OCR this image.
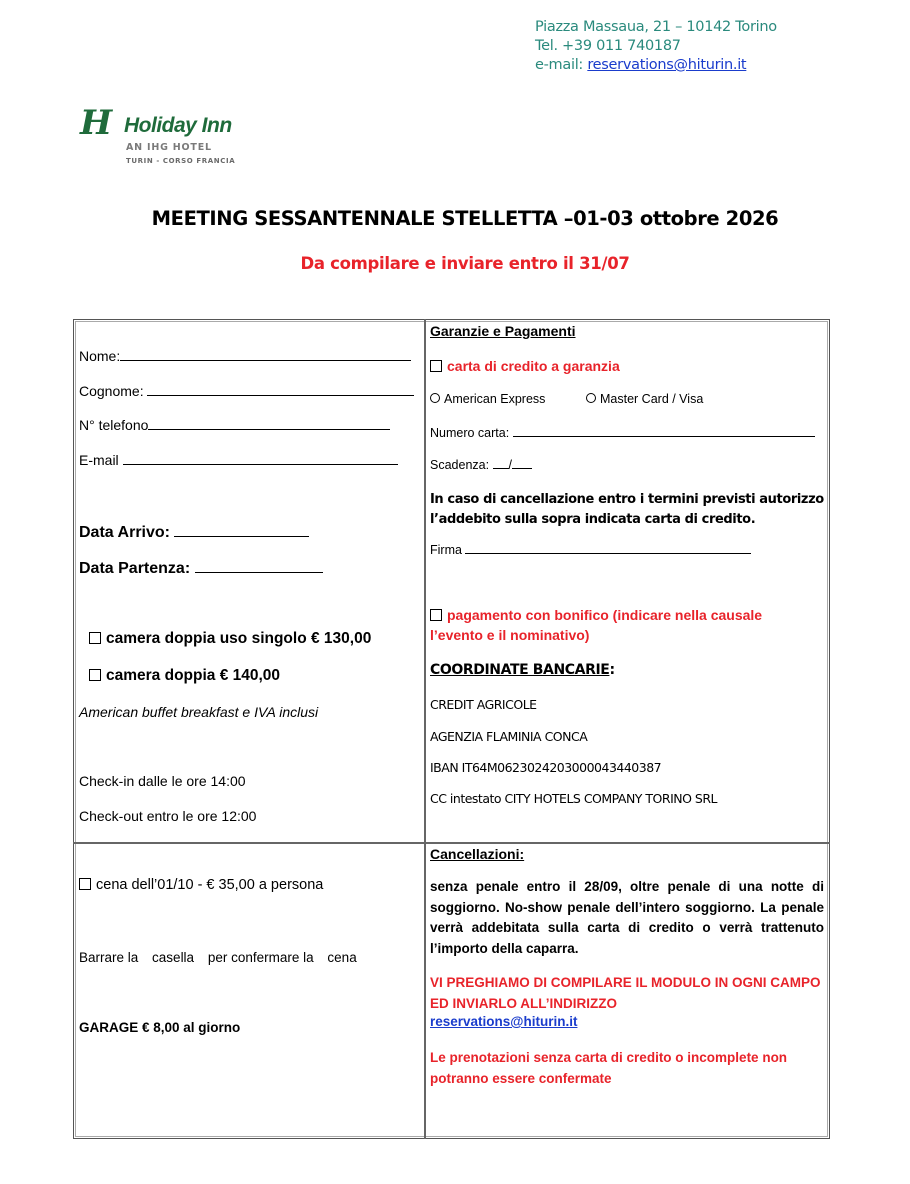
Piazza Massaua, 21 – 10142 Torino
Tel. +39 011 740187
e-mail: reservations@hiturin.it
H Holiday Inn
AN IHG HOTEL
TURIN - CORSO FRANCIA
MEETING SESSANTENNALE STELLETTA –01-03 ottobre 2026
Da compilare e inviare entro il 31/07
Nome:
Cognome:
N° telefono
E-mail
Data Arrivo:
Data Partenza:
camera doppia uso singolo € 130,00
camera doppia € 140,00
American buffet breakfast e IVA inclusi
Check-in dalle le ore 14:00
Check-out entro le ore 12:00
Garanzie e Pagamenti
carta di credito a garanzia
American Express	Master Card / Visa
Numero carta:
Scadenza: /
In caso di cancellazione entro i termini previsti autorizzo l’addebito sulla sopra indicata carta di credito.
Firma
pagamento con bonifico (indicare nella causale
l’evento e il nominativo)
COORDINATE BANCARIE:
CREDIT AGRICOLE
AGENZIA FLAMINIA CONCA
IBAN IT64M0623024203000043440387
CC intestato CITY HOTELS COMPANY TORINO SRL
cena dell’01/10 - € 35,00 a persona
Barrare la casella per confermare la cena
GARAGE € 8,00 al giorno
Cancellazioni:
senza penale entro il 28/09, oltre penale di una notte di soggiorno. No-show penale dell’intero soggiorno. La penale verrà addebitata sulla carta di credito o verrà trattenuto l’importo della caparra.
VI PREGHIAMO DI COMPILARE IL MODULO IN OGNI CAMPO ED INVIARLO ALL’INDIRIZZO
reservations@hiturin.it
Le prenotazioni senza carta di credito o incomplete non potranno essere confermate
